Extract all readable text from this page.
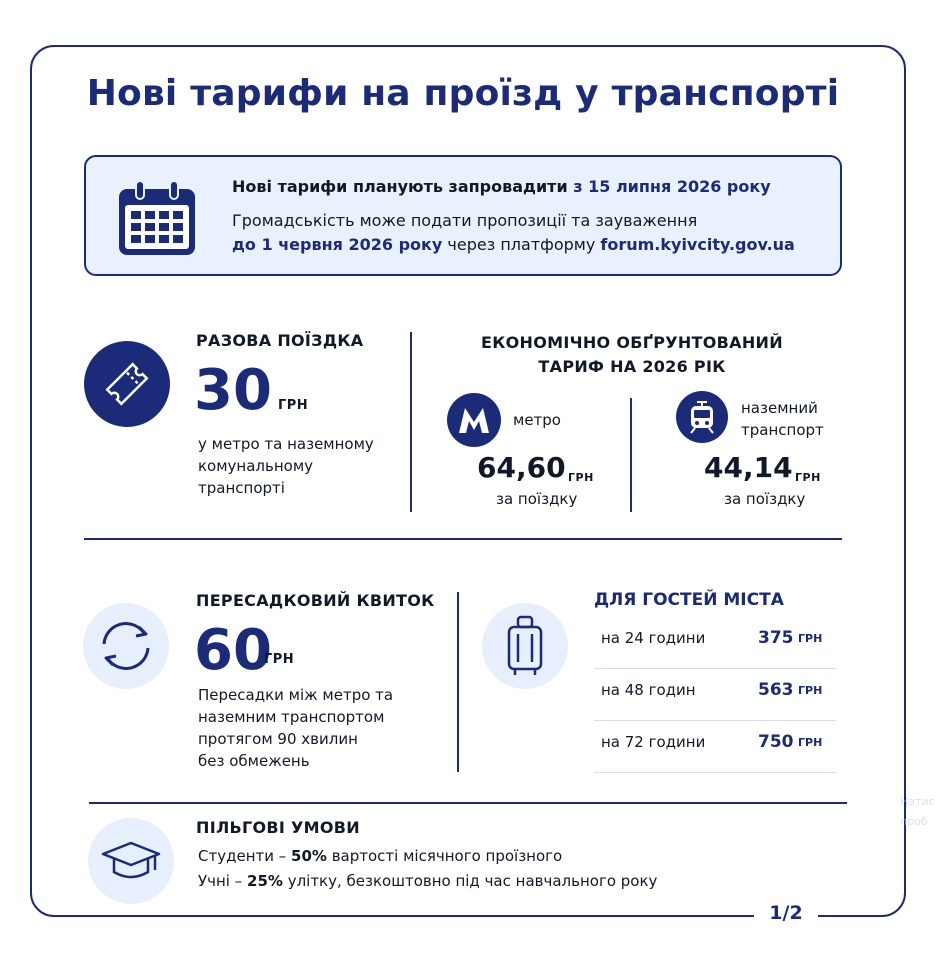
Нові тарифи на проїзд у транспорті
Нові тарифи планують запровадити з 15 липня 2026 року
Громадськість може подати пропозиції та зауваження
до 1 червня 2026 року через платформу forum.kyivcity.gov.ua
РАЗОВА ПОЇЗДКА
30 ГРН
у метро та наземному
комунальному
транспорті
ЕКОНОМІЧНО ОБҐРУНТОВАНИЙ
ТАРИФ НА 2026 РІК
метро
64,60 ГРН
за поїздку
наземний
транспорт
44,14 ГРН
за поїздку
ПЕРЕСАДКОВИЙ КВИТОК
60
ГРН
Пересадки між метро та
наземним транспортом
протягом 90 хвилин
без обмежень
ДЛЯ ГОСТЕЙ МІСТА
на 24 години	375 ГРН
на 48 годин	563 ГРН
на 72 години	750 ГРН
ПІЛЬГОВІ УМОВИ
Студенти – 50% вартості місячного проїзного
Учні – 25% улітку, безкоштовно під час навчального року
1/2
Натис
проб
